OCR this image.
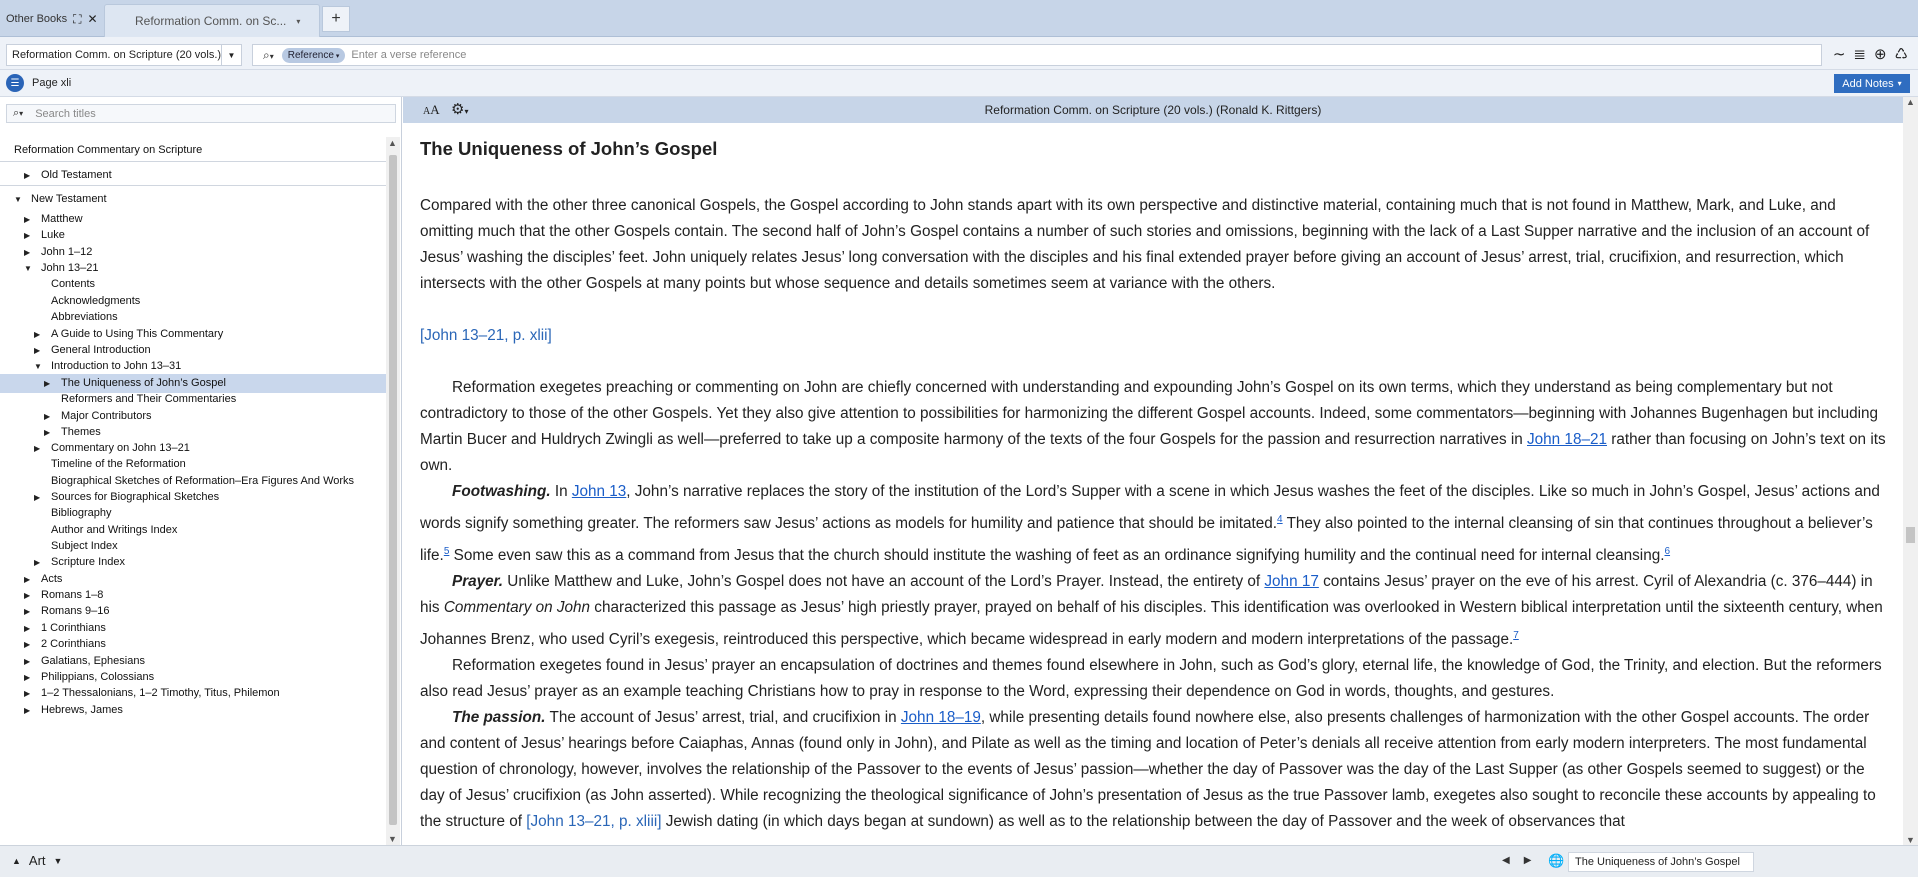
Other Books ⛶ ✕	Reformation Comm. on Sc... ▾	+
Reformation Comm. on Scripture (20 vols.) ▼	⌕▾	Reference ▾	Enter a verse reference	∼ ≣ ⊕ ♺
☰	Page xli	Add Notes ▾
⌕▾ Search titles
Reformation Commentary on Scripture
▶ Old Testament
▼ New Testament
▶ Matthew
▶ Luke
▶ John 1–12
▼ John 13–21
Contents
Acknowledgments
Abbreviations
▶ A Guide to Using This Commentary
▶ General Introduction
▼ Introduction to John 13–31
▶ The Uniqueness of John’s Gospel
Reformers and Their Commentaries
▶ Major Contributors
▶ Themes
▶ Commentary on John 13–21
Timeline of the Reformation
Biographical Sketches of Reformation–Era Figures And Works
▶ Sources for Biographical Sketches
Bibliography
Author and Writings Index
Subject Index
▶ Scripture Index
▶ Acts
▶ Romans 1–8
▶ Romans 9–16
▶ 1 Corinthians
▶ 2 Corinthians
▶ Galatians, Ephesians
▶ Philippians, Colossians
▶ 1–2 Thessalonians, 1–2 Timothy, Titus, Philemon
▶ Hebrews, James
▲
▼
AA ⚙▾	Reformation Comm. on Scripture (20 vols.) (Ronald K. Rittgers)
The Uniqueness of John’s Gospel

Compared with the other three canonical Gospels, the Gospel according to John stands apart with its own perspective and distinctive material, containing much that is not found in Matthew, Mark, and Luke, and omitting much that the other Gospels contain. The second half of John’s Gospel contains a number of such stories and omissions, beginning with the lack of a Last Supper narrative and the inclusion of an account of Jesus’ washing the disciples’ feet. John uniquely relates Jesus’ long conversation with the disciples and his final extended prayer before giving an account of Jesus’ arrest, trial, crucifixion, and resurrection, which intersects with the other Gospels at many points but whose sequence and details sometimes seem at variance with the others.

[John 13–21, p. xlii]

Reformation exegetes preaching or commenting on John are chiefly concerned with understanding and expounding John’s Gospel on its own terms, which they understand as being complementary but not contradictory to those of the other Gospels. Yet they also give attention to possibilities for harmonizing the different Gospel accounts. Indeed, some commentators—beginning with Johannes Bugenhagen but including Martin Bucer and Huldrych Zwingli as well—preferred to take up a composite harmony of the texts of the four Gospels for the passion and resurrection narratives in John 18–21 rather than focusing on John’s text on its own.

Footwashing. In John 13, John’s narrative replaces the story of the institution of the Lord’s Supper with a scene in which Jesus washes the feet of the disciples. Like so much in John’s Gospel, Jesus’ actions and words signify something greater. The reformers saw Jesus’ actions as models for humility and patience that should be imitated.$^4$ They also pointed to the internal cleansing of sin that continues throughout a believer’s life.$^5$ Some even saw this as a command from Jesus that the church should institute the washing of feet as an ordinance signifying humility and the continual need for internal cleansing.$^6$

Prayer. Unlike Matthew and Luke, John’s Gospel does not have an account of the Lord’s Prayer. Instead, the entirety of John 17 contains Jesus’ prayer on the eve of his arrest. Cyril of Alexandria (c. 376–444) in his Commentary on John characterized this passage as Jesus’ high priestly prayer, prayed on behalf of his disciples. This identification was overlooked in Western biblical interpretation until the sixteenth century, when Johannes Brenz, who used Cyril’s exegesis, reintroduced this perspective, which became widespread in early modern and modern interpretations of the passage.$^7$

Reformation exegetes found in Jesus’ prayer an encapsulation of doctrines and themes found elsewhere in John, such as God’s glory, eternal life, the knowledge of God, the Trinity, and election. But the reformers also read Jesus’ prayer as an example teaching Christians how to pray in response to the Word, expressing their dependence on God in words, thoughts, and gestures.

The passion. The account of Jesus’ arrest, trial, and crucifixion in John 18–19, while presenting details found nowhere else, also presents challenges of harmonization with the other Gospel accounts. The order and content of Jesus’ hearings before Caiaphas, Annas (found only in John), and Pilate as well as the timing and location of Peter’s denials all receive attention from early modern interpreters. The most fundamental question of chronology, however, involves the relationship of the Passover to the events of Jesus’ passion—whether the day of Passover was the day of the Last Supper (as other Gospels seemed to suggest) or the day of Jesus’ crucifixion (as John asserted). While recognizing the theological significance of John’s presentation of Jesus as the true Passover lamb, exegetes also sought to reconcile these accounts by appealing to the structure of [John 13–21, p. xliii] Jewish dating (in which days began at sundown) as well as to the relationship between the day of Passover and the week of observances that

▲
▼
▲ Art ▼	◀ ▶ 🌐 The Uniqueness of John’s Gospel
